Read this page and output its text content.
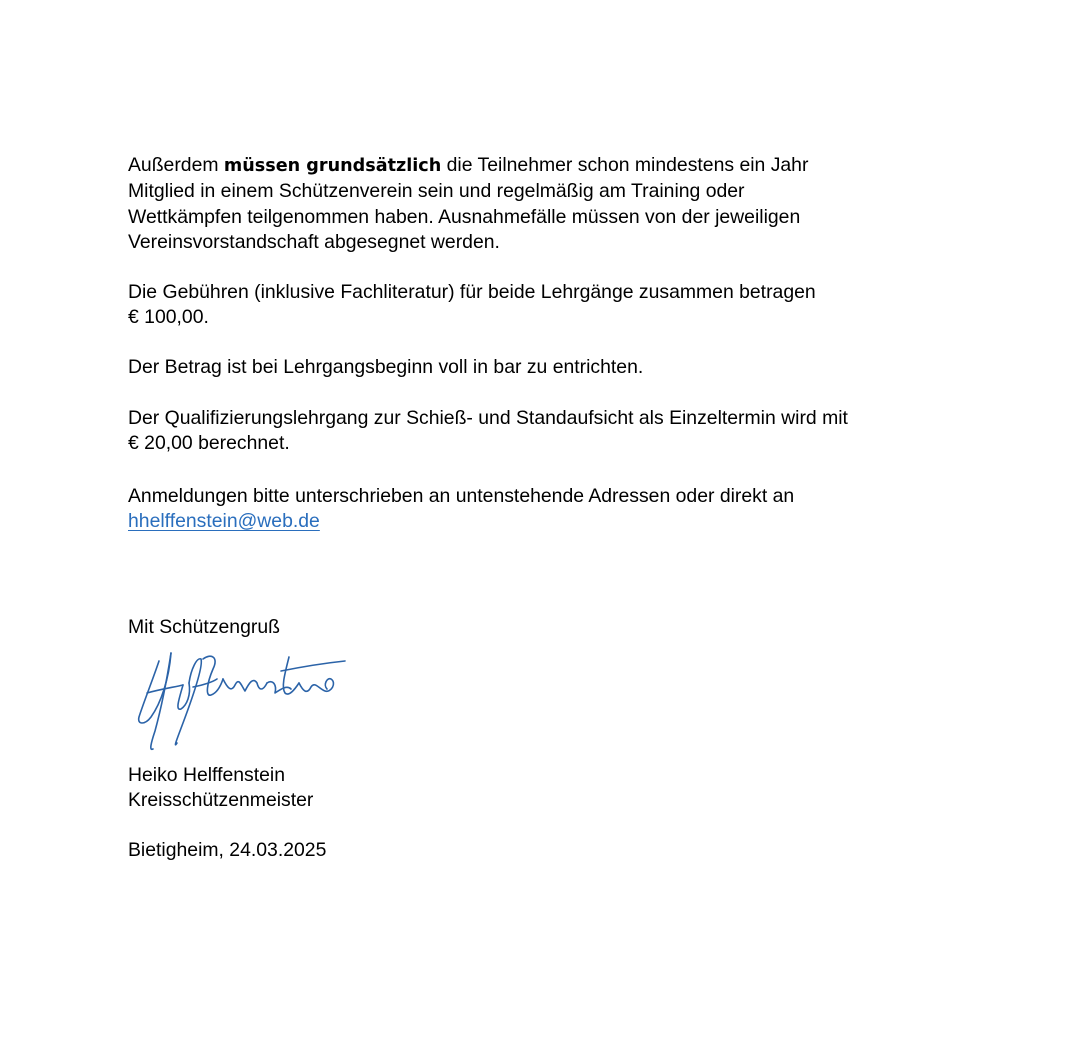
Außerdem müssen grundsätzlich die Teilnehmer schon mindestens ein Jahr
Mitglied in einem Schützenverein sein und regelmäßig am Training oder
Wettkämpfen teilgenommen haben. Ausnahmefälle müssen von der jeweiligen
Vereinsvorstandschaft abgesegnet werden.
Die Gebühren (inklusive Fachliteratur) für beide Lehrgänge zusammen betragen
€ 100,00.
Der Betrag ist bei Lehrgangsbeginn voll in bar zu entrichten.
Der Qualifizierungslehrgang zur Schieß- und Standaufsicht als Einzeltermin wird mit
€ 20,00 berechnet.
Anmeldungen bitte unterschrieben an untenstehende Adressen oder direkt an
hhelffenstein@web.de

Mit Schützengruß

Heiko Helffenstein

Kreisschützenmeister

Bietigheim, 24.03.2025
